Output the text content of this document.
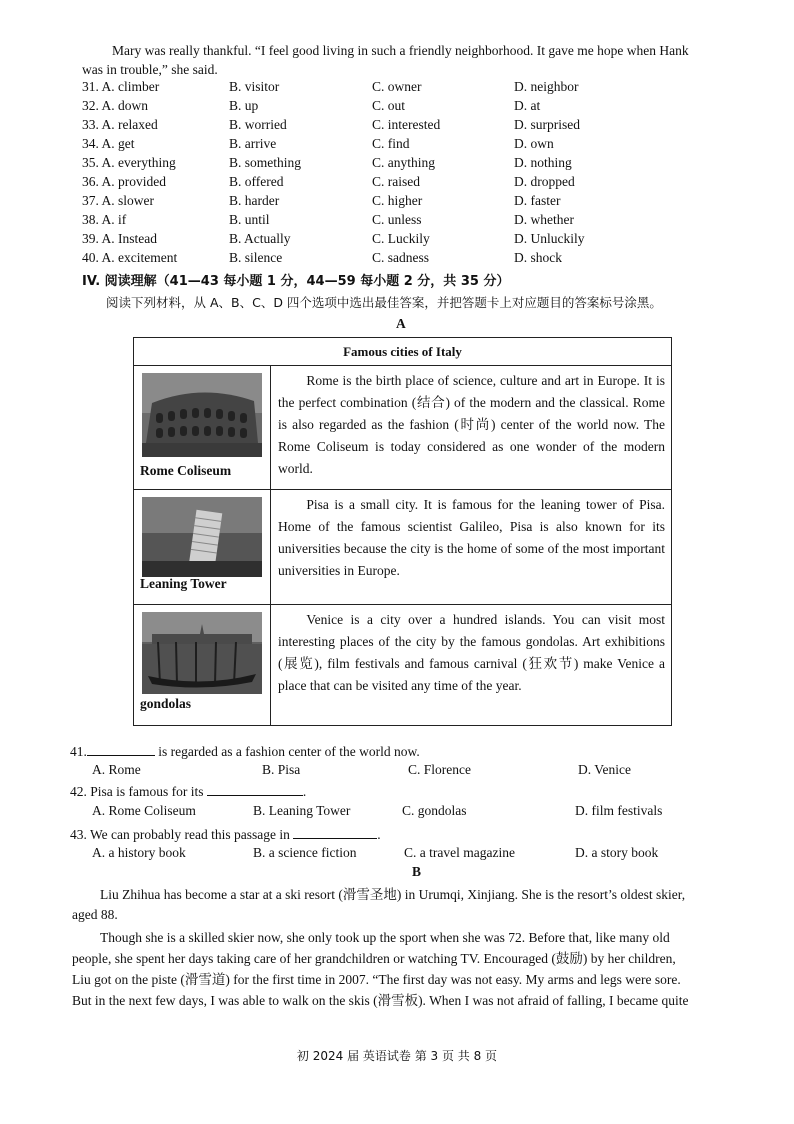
Mary was really thankful. “I feel good living in such a friendly neighborhood. It gave me hope when Hank
was in trouble,” she said.
31. A. climber	B. visitor	C. owner	D. neighbor
32. A. down	B. up	C. out	D. at
33. A. relaxed	B. worried	C. interested	D. surprised
34. A. get	B. arrive	C. find	D. own
35. A. everything	B. something	C. anything	D. nothing
36. A. provided	B. offered	C. raised	D. dropped
37. A. slower	B. harder	C. higher	D. faster
38. A. if	B. until	C. unless	D. whether
39. A. Instead	B. Actually	C. Luckily	D. Unluckily
40. A. excitement	B. silence	C. sadness	D. shock
IV. 阅读理解（41—43 每小题 1 分，44—59 每小题 2 分，共 35 分）
阅读下列材料，从 A、B、C、D 四个选项中选出最佳答案，并把答题卡上对应题目的答案标号涂黑。
A
Famous cities of Italy	

Rome Coliseum	Rome is the birth place of science, culture and art in Europe. It is the perfect combination (结合) of the modern and the classical. Rome is also regarded as the fashion (时尚) center of the world now. The Rome Coliseum is today considered as one wonder of the modern world.

Leaning Tower	Pisa is a small city. It is famous for the leaning tower of Pisa. Home of the famous scientist Galileo, Pisa is also known for its universities because the city is the home of some of the most important universities in Europe.

gondolas	Venice is a city over a hundred islands. You can visit most interesting places of the city by the famous gondolas. Art exhibitions (展览), film festivals and famous carnival (狂欢节) make Venice a place that can be visited any time of the year.
41.	is regarded as a fashion center of the world now.
A. Rome	B. Pisa	C. Florence	D. Venice
42. Pisa is famous for its	.
A. Rome Coliseum	B. Leaning Tower	C. gondolas	D. film festivals
43. We can probably read this passage in	.
A. a history book	B. a science fiction	C. a travel magazine	D. a story book
B
Liu Zhihua has become a star at a ski resort (滑雪圣地) in Urumqi, Xinjiang. She is the resort’s oldest skier,
aged 88.
Though she is a skilled skier now, she only took up the sport when she was 72. Before that, like many old
people, she spent her days taking care of her grandchildren or watching TV. Encouraged (鼓励) by her children,
Liu got on the piste (滑雪道) for the first time in 2007. “The first day was not easy. My arms and legs were sore.
But in the next few days, I was able to walk on the skis (滑雪板). When I was not afraid of falling, I became quite
初 2024 届 英语试卷 第 3 页 共 8 页
